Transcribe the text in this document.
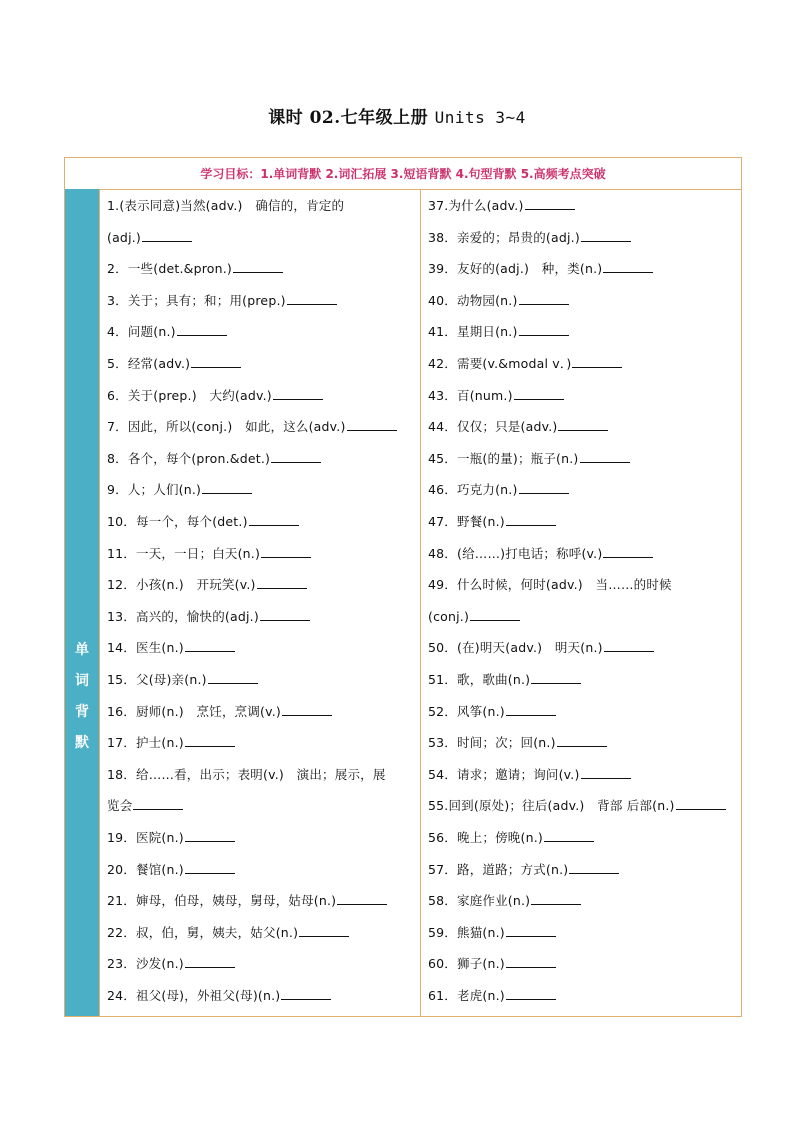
课时 02.七年级上册 Units 3~4
学习目标：1.单词背默 2.词汇拓展 3.短语背默 4.句型背默 5.高频考点突破
单
词
背
默
1.(表示同意)当然(adv.)　确信的，肯定的
(adj.)
2．一些(det.&pron.)
3．关于；具有；和；用(prep.)
4．问题(n.)
5．经常(adv.)
6．关于(prep.)　大约(adv.)
7．因此，所以(conj.)　如此，这么(adv.)
8．各个，每个(pron.&det.)
9．人；人们(n.)
10．每一个，每个(det.)
11．一天，一日；白天(n.)
12．小孩(n.)　开玩笑(v.)
13．高兴的，愉快的(adj.)
14．医生(n.)
15．父(母)亲(n.)
16．厨师(n.)　烹饪，烹调(v.)
17．护士(n.)
18．给……看，出示；表明(v.)　演出；展示，展
览会
19．医院(n.)
20．餐馆(n.)
21．婶母，伯母，姨母，舅母，姑母(n.)
22．叔，伯，舅，姨夫，姑父(n.)
23．沙发(n.)
24．祖父(母)，外祖父(母)(n.)
37.为什么(adv.)
38．亲爱的；昂贵的(adj.)
39．友好的(adj.)　种，类(n.)
40．动物园(n.)
41．星期日(n.)
42．需要(v.&modal v．)
43．百(num.)
44．仅仅；只是(adv.)
45．一瓶(的量)；瓶子(n.)
46．巧克力(n.)
47．野餐(n.)
48．(给……)打电话；称呼(v.)
49．什么时候，何时(adv.)　当……的时候
(conj.)
50．(在)明天(adv.)　明天(n.)
51．歌，歌曲(n.)
52．风筝(n.)
53．时间；次；回(n.)
54．请求；邀请；询问(v.)
55.回到(原处)；往后(adv.)　背部 后部(n.)
56．晚上；傍晚(n.)
57．路，道路；方式(n.)
58．家庭作业(n.)
59．熊猫(n.)
60．狮子(n.)
61．老虎(n.)
